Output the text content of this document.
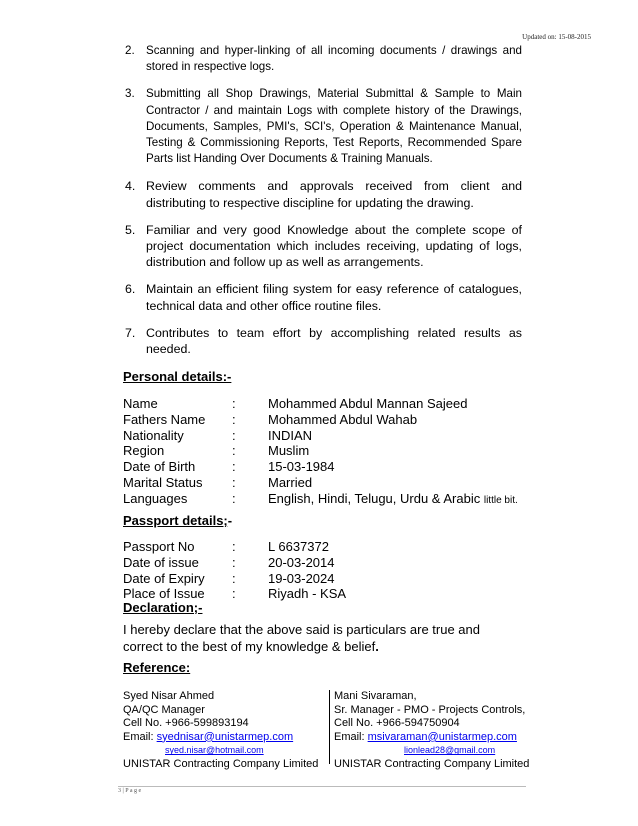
Updated on: 15-08-2015
2. Scanning and hyper-linking of all incoming documents / drawings and stored in respective logs.
3. Submitting all Shop Drawings, Material Submittal & Sample to Main Contractor / and maintain Logs with complete history of the Drawings, Documents, Samples, PMI's, SCI's, Operation & Maintenance Manual, Testing & Commissioning Reports, Test Reports, Recommended Spare Parts list Handing Over Documents & Training Manuals.
4. Review comments and approvals received from client and distributing to respective discipline for updating the drawing.
5. Familiar and very good Knowledge about the complete scope of project documentation which includes receiving, updating of logs, distribution and follow up as well as arrangements.
6. Maintain an efficient filing system for easy reference of catalogues, technical data and other office routine files.
7. Contributes to team effort by accomplishing related results as needed.
Personal details:-
Name	: Mohammed Abdul Mannan Sajeed
Fathers Name : Mohammed Abdul Wahab
Nationality	: INDIAN
Region	: Muslim
Date of Birth	: 15-03-1984
Marital Status : Married
Languages	: English, Hindi, Telugu, Urdu & Arabic little bit.
Passport details;-
Passport No	: L 6637372
Date of issue	: 20-03-2014
Date of Expiry : 19-03-2024
Place of Issue : Riyadh - KSA
Declaration;-
I hereby declare that the above said is particulars are true and correct to the best of my knowledge & belief.
Reference:
Syed Nisar Ahmed
QA/QC Manager
Cell No. +966-599893194
Email: syednisar@unistarmep.com
syed.nisar@hotmail.com
UNISTAR Contracting Company Limited
Mani Sivaraman,
Sr. Manager - PMO - Projects Controls,
Cell No. +966-594750904
Email: msivaraman@unistarmep.com
lionlead28@gmail.com
UNISTAR Contracting Company Limited
3 | P a g e
